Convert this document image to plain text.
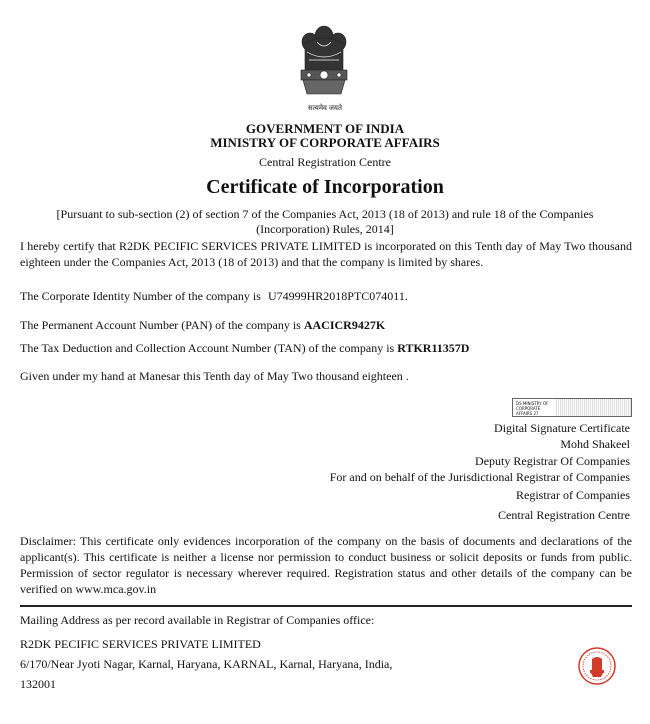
सत्यमेव जयते
GOVERNMENT OF INDIA
MINISTRY OF CORPORATE AFFAIRS
Central Registration Centre
Certificate of Incorporation
[Pursuant to sub-section (2) of section 7 of the Companies Act, 2013 (18 of 2013) and rule 18 of the Companies (Incorporation) Rules, 2014]
I hereby certify that R2DK PECIFIC SERVICES PRIVATE LIMITED is incorporated on this Tenth day of May Two thousand eighteen under the Companies Act, 2013 (18 of 2013) and that the company is limited by shares.
The Corporate Identity Number of the company is U74999HR2018PTC074011.
The Permanent Account Number (PAN) of the company is AACICR9427K
The Tax Deduction and Collection Account Number (TAN) of the company is RTKR11357D
Given under my hand at Manesar this Tenth day of May Two thousand eighteen .
DS MINISTRY OF CORPORATE AFFAIRS 27
Digital Signature Certificate
Mohd Shakeel
Deputy Registrar Of Companies
For and on behalf of the Jurisdictional Registrar of Companies
Registrar of Companies
Central Registration Centre
Disclaimer: This certificate only evidences incorporation of the company on the basis of documents and declarations of the applicant(s). This certificate is neither a license nor permission to conduct business or solicit deposits or funds from public. Permission of sector regulator is necessary wherever required. Registration status and other details of the company can be verified on www.mca.gov.in
Mailing Address as per record available in Registrar of Companies office:
R2DK PECIFIC SERVICES PRIVATE LIMITED
6/170/Near Jyoti Nagar, Karnal, Haryana, KARNAL, Karnal, Haryana, India,
132001
